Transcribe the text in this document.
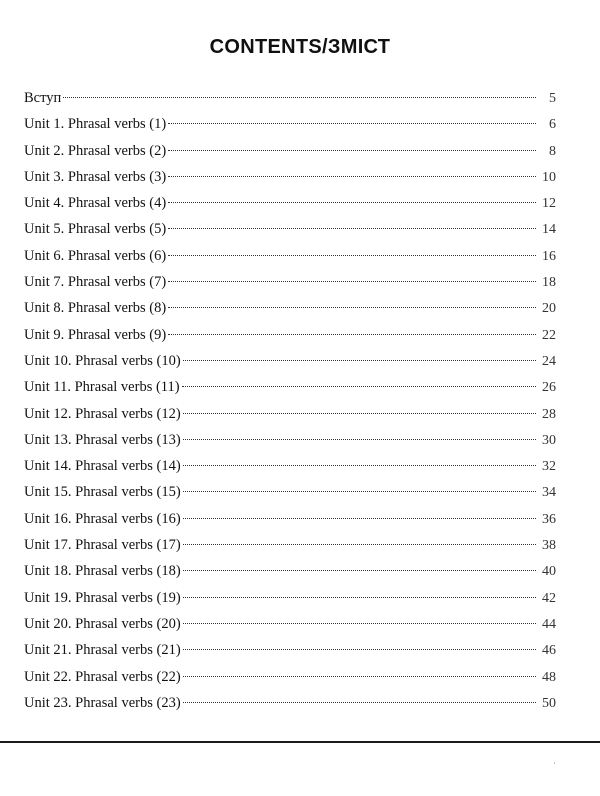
CONTENTS/ЗМІСТ
Вступ	5
Unit 1. Phrasal verbs (1)	6
Unit 2. Phrasal verbs (2)	8
Unit 3. Phrasal verbs (3)	10
Unit 4. Phrasal verbs (4)	12
Unit 5. Phrasal verbs (5)	14
Unit 6. Phrasal verbs (6)	16
Unit 7. Phrasal verbs (7)	18
Unit 8. Phrasal verbs (8)	20
Unit 9. Phrasal verbs (9)	22
Unit 10. Phrasal verbs (10)	24
Unit 11. Phrasal verbs (11)	26
Unit 12. Phrasal verbs (12)	28
Unit 13. Phrasal verbs (13)	30
Unit 14. Phrasal verbs (14)	32
Unit 15. Phrasal verbs (15)	34
Unit 16. Phrasal verbs (16)	36
Unit 17. Phrasal verbs (17)	38
Unit 18. Phrasal verbs (18)	40
Unit 19. Phrasal verbs (19)	42
Unit 20. Phrasal verbs (20)	44
Unit 21. Phrasal verbs (21)	46
Unit 22. Phrasal verbs (22)	48
Unit 23. Phrasal verbs (23)	50
·
